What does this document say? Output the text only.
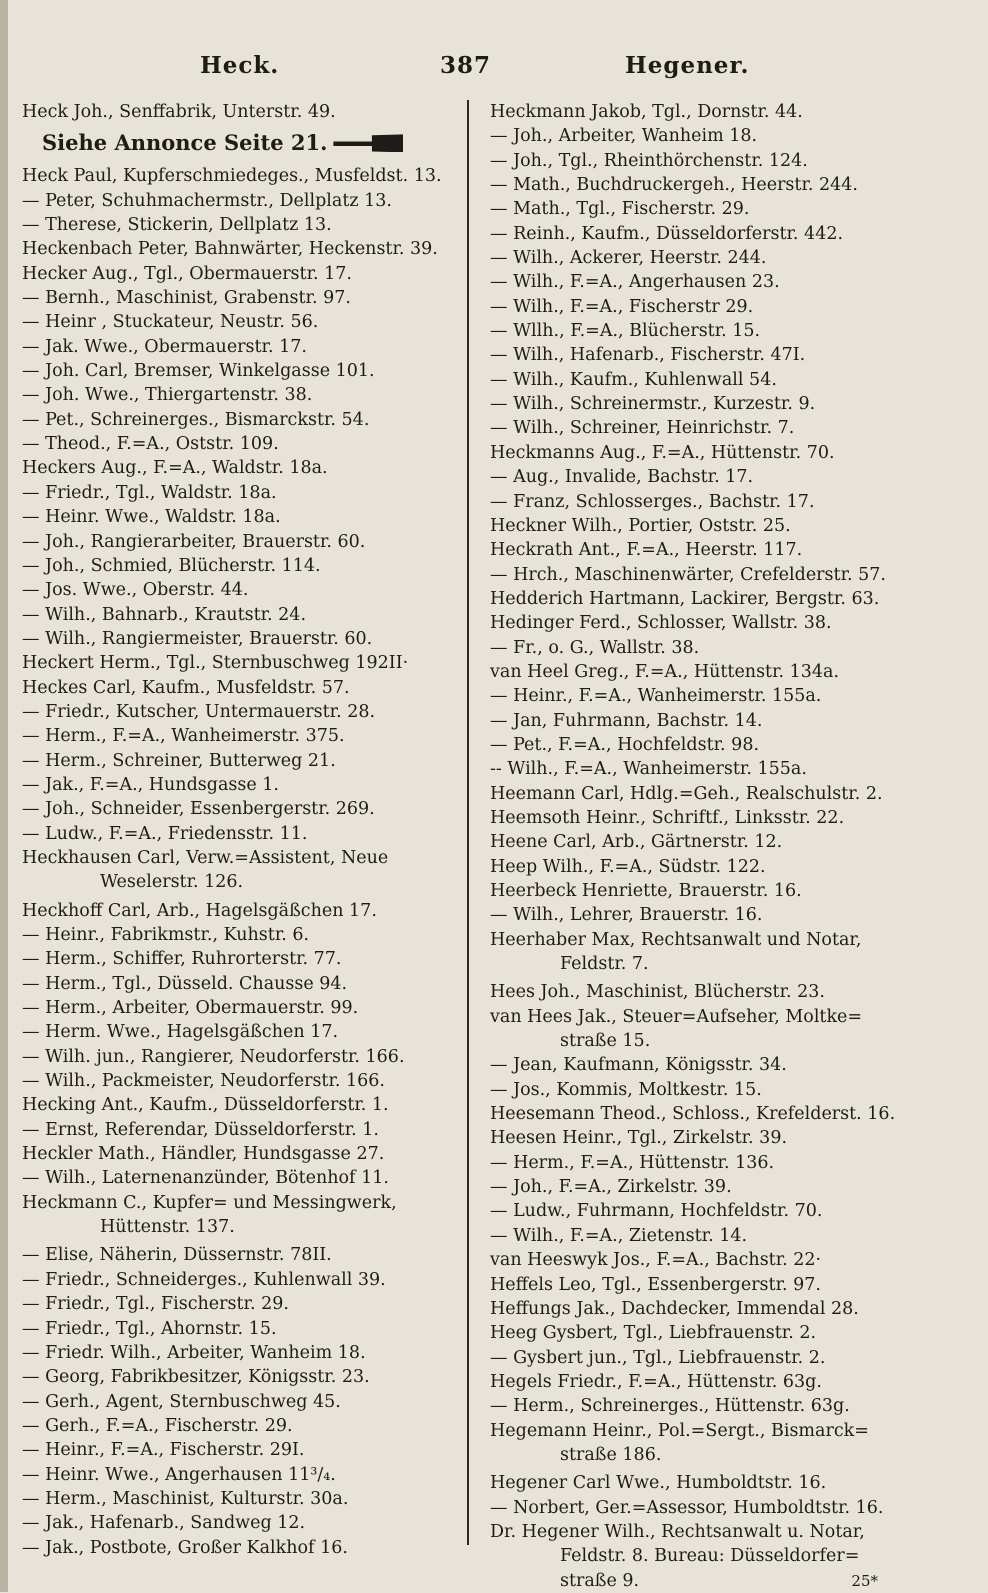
Heck.	387	Hegener.

Heck Joh., Senffabrik, Unterstr. 49.

Siehe Annonce Seite 21.

Heck Paul, Kupferschmiedeges., Musfeldst. 13.

— Peter, Schuhmachermstr., Dellplatz 13.

— Therese, Stickerin, Dellplatz 13.

Heckenbach Peter, Bahnwärter, Heckenstr. 39.

Hecker Aug., Tgl., Obermauerstr. 17.

— Bernh., Maschinist, Grabenstr. 97.

— Heinr , Stuckateur, Neustr. 56.

— Jak. Wwe., Obermauerstr. 17.

— Joh. Carl, Bremser, Winkelgasse 101.

— Joh. Wwe., Thiergartenstr. 38.

— Pet., Schreinerges., Bismarckstr. 54.

— Theod., F.=A., Oststr. 109.

Heckers Aug., F.=A., Waldstr. 18a.

— Friedr., Tgl., Waldstr. 18a.

— Heinr. Wwe., Waldstr. 18a.

— Joh., Rangierarbeiter, Brauerstr. 60.

— Joh., Schmied, Blücherstr. 114.

— Jos. Wwe., Oberstr. 44.

— Wilh., Bahnarb., Krautstr. 24.

— Wilh., Rangiermeister, Brauerstr. 60.

Heckert Herm., Tgl., Sternbuschweg 192II·

Heckes Carl, Kaufm., Musfeldstr. 57.

— Friedr., Kutscher, Untermauerstr. 28.

— Herm., F.=A., Wanheimerstr. 375.

— Herm., Schreiner, Butterweg 21.

— Jak., F.=A., Hundsgasse 1.

— Joh., Schneider, Essenbergerstr. 269.

— Ludw., F.=A., Friedensstr. 11.

Heckhausen Carl, Verw.=Assistent, Neue

Weselerstr. 126.

Heckhoff Carl, Arb., Hagelsgäßchen 17.

— Heinr., Fabrikmstr., Kuhstr. 6.

— Herm., Schiffer, Ruhrorterstr. 77.

— Herm., Tgl., Düsseld. Chausse 94.

— Herm., Arbeiter, Obermauerstr. 99.

— Herm. Wwe., Hagelsgäßchen 17.

— Wilh. jun., Rangierer, Neudorferstr. 166.

— Wilh., Packmeister, Neudorferstr. 166.

Hecking Ant., Kaufm., Düsseldorferstr. 1.

— Ernst, Referendar, Düsseldorferstr. 1.

Heckler Math., Händler, Hundsgasse 27.

— Wilh., Laternenanzünder, Bötenhof 11.

Heckmann C., Kupfer= und Messingwerk,

Hüttenstr. 137.

— Elise, Näherin, Düssernstr. 78II.

— Friedr., Schneiderges., Kuhlenwall 39.

— Friedr., Tgl., Fischerstr. 29.

— Friedr., Tgl., Ahornstr. 15.

— Friedr. Wilh., Arbeiter, Wanheim 18.

— Georg, Fabrikbesitzer, Königsstr. 23.

— Gerh., Agent, Sternbuschweg 45.

— Gerh., F.=A., Fischerstr. 29.

— Heinr., F.=A., Fischerstr. 29I.

— Heinr. Wwe., Angerhausen 11³/₄.

— Herm., Maschinist, Kulturstr. 30a.

— Jak., Hafenarb., Sandweg 12.

— Jak., Postbote, Großer Kalkhof 16.

Heckmann Jakob, Tgl., Dornstr. 44.

— Joh., Arbeiter, Wanheim 18.

— Joh., Tgl., Rheinthörchenstr. 124.

— Math., Buchdruckergeh., Heerstr. 244.

— Math., Tgl., Fischerstr. 29.

— Reinh., Kaufm., Düsseldorferstr. 442.

— Wilh., Ackerer, Heerstr. 244.

— Wilh., F.=A., Angerhausen 23.

— Wilh., F.=A., Fischerstr 29.

— Wllh., F.=A., Blücherstr. 15.

— Wilh., Hafenarb., Fischerstr. 47I.

— Wilh., Kaufm., Kuhlenwall 54.

— Wilh., Schreinermstr., Kurzestr. 9.

— Wilh., Schreiner, Heinrichstr. 7.

Heckmanns Aug., F.=A., Hüttenstr. 70.

— Aug., Invalide, Bachstr. 17.

— Franz, Schlosserges., Bachstr. 17.

Heckner Wilh., Portier, Oststr. 25.

Heckrath Ant., F.=A., Heerstr. 117.

— Hrch., Maschinenwärter, Crefelderstr. 57.

Hedderich Hartmann, Lackirer, Bergstr. 63.

Hedinger Ferd., Schlosser, Wallstr. 38.

— Fr., o. G., Wallstr. 38.

van Heel Greg., F.=A., Hüttenstr. 134a.

— Heinr., F.=A., Wanheimerstr. 155a.

— Jan, Fuhrmann, Bachstr. 14.

— Pet., F.=A., Hochfeldstr. 98.

-- Wilh., F.=A., Wanheimerstr. 155a.

Heemann Carl, Hdlg.=Geh., Realschulstr. 2.

Heemsoth Heinr., Schriftf., Linksstr. 22.

Heene Carl, Arb., Gärtnerstr. 12.

Heep Wilh., F.=A., Südstr. 122.

Heerbeck Henriette, Brauerstr. 16.

— Wilh., Lehrer, Brauerstr. 16.

Heerhaber Max, Rechtsanwalt und Notar,

Feldstr. 7.

Hees Joh., Maschinist, Blücherstr. 23.

van Hees Jak., Steuer=Aufseher, Moltke=

straße 15.

— Jean, Kaufmann, Königsstr. 34.

— Jos., Kommis, Moltkestr. 15.

Heesemann Theod., Schloss., Krefelderst. 16.

Heesen Heinr., Tgl., Zirkelstr. 39.

— Herm., F.=A., Hüttenstr. 136.

— Joh., F.=A., Zirkelstr. 39.

— Ludw., Fuhrmann, Hochfeldstr. 70.

— Wilh., F.=A., Zietenstr. 14.

van Heeswyk Jos., F.=A., Bachstr. 22·

Heffels Leo, Tgl., Essenbergerstr. 97.

Heffungs Jak., Dachdecker, Immendal 28.

Heeg Gysbert, Tgl., Liebfrauenstr. 2.

— Gysbert jun., Tgl., Liebfrauenstr. 2.

Hegels Friedr., F.=A., Hüttenstr. 63g.

— Herm., Schreinerges., Hüttenstr. 63g.

Hegemann Heinr., Pol.=Sergt., Bismarck=

straße 186.

Hegener Carl Wwe., Humboldtstr. 16.

— Norbert, Ger.=Assessor, Humboldtstr. 16.

Dr. Hegener Wilh., Rechtsanwalt u. Notar,

Feldstr. 8. Bureau: Düsseldorfer=

straße 9.	25*
